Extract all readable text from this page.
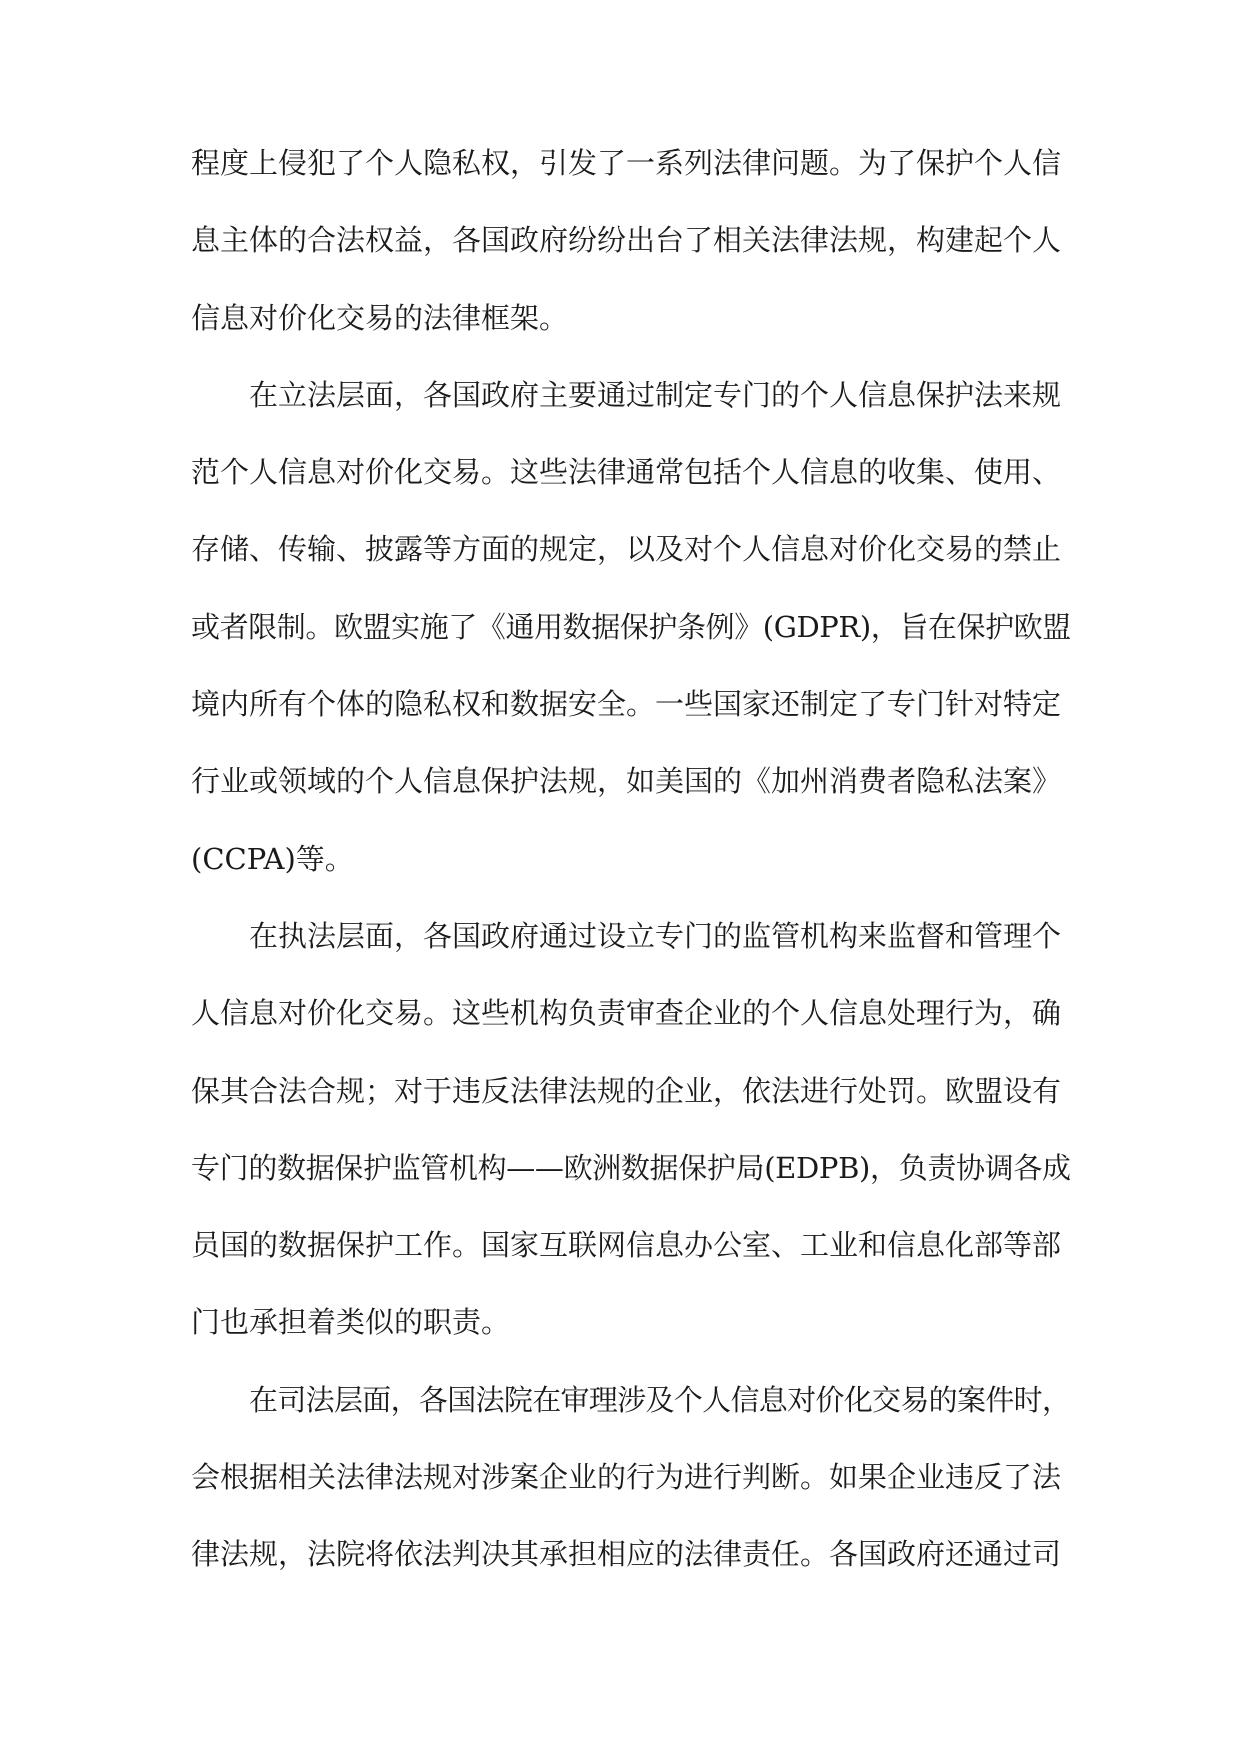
程度上侵犯了个人隐私权，引发了一系列法律问题。为了保护个人信
息主体的合法权益，各国政府纷纷出台了相关法律法规，构建起个人
信息对价化交易的法律框架。
在立法层面，各国政府主要通过制定专门的个人信息保护法来规
范个人信息对价化交易。这些法律通常包括个人信息的收集、使用、
存储、传输、披露等方面的规定，以及对个人信息对价化交易的禁止
或者限制。欧盟实施了《通用数据保护条例》(GDPR)，旨在保护欧盟
境内所有个体的隐私权和数据安全。一些国家还制定了专门针对特定
行业或领域的个人信息保护法规，如美国的《加州消费者隐私法案》
(CCPA)等。
在执法层面，各国政府通过设立专门的监管机构来监督和管理个
人信息对价化交易。这些机构负责审查企业的个人信息处理行为，确
保其合法合规；对于违反法律法规的企业，依法进行处罚。欧盟设有
专门的数据保护监管机构——欧洲数据保护局(EDPB)，负责协调各成
员国的数据保护工作。国家互联网信息办公室、工业和信息化部等部
门也承担着类似的职责。
在司法层面，各国法院在审理涉及个人信息对价化交易的案件时，
会根据相关法律法规对涉案企业的行为进行判断。如果企业违反了法
律法规，法院将依法判决其承担相应的法律责任。各国政府还通过司
